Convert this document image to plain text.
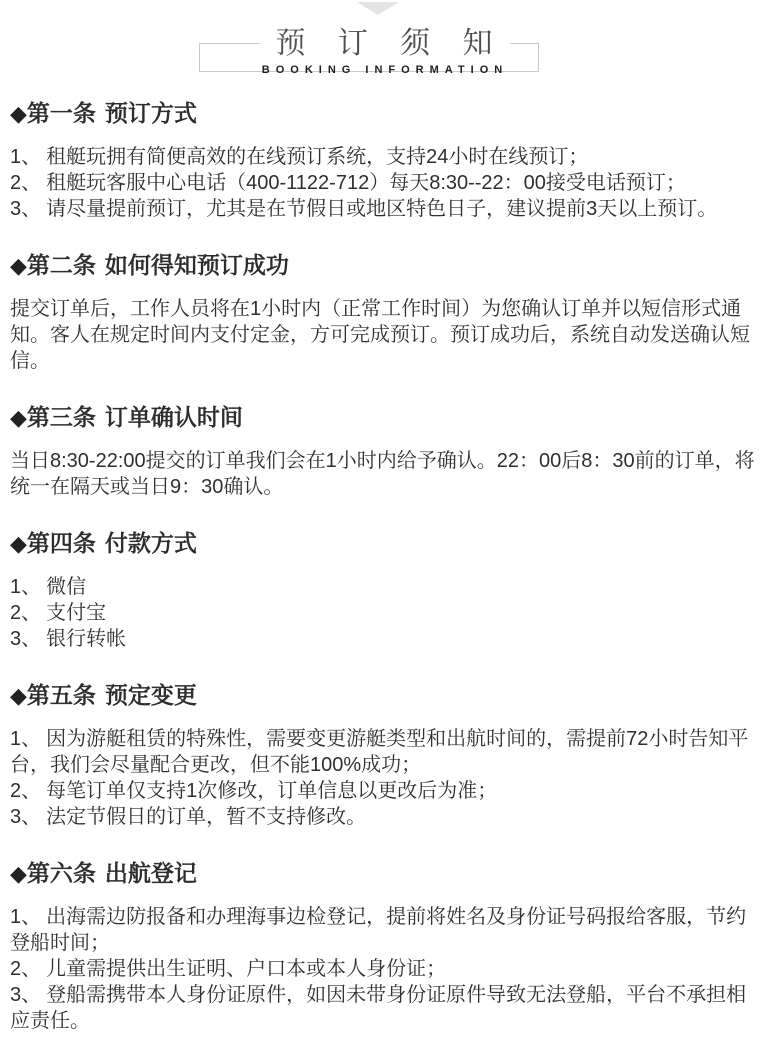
预 订 须 知
BOOKING INFORMATION
◆第一条 预订方式
1、 租艇玩拥有简便高效的在线预订系统，支持24小时在线预订；
2、 租艇玩客服中心电话（400-1122-712）每天8:30--22：00接受电话预订；
3、 请尽量提前预订，尤其是在节假日或地区特色日子，建议提前3天以上预订。
◆第二条 如何得知预订成功

提交订单后，工作人员将在1小时内（正常工作时间）为您确认订单并以短信形式通知。客人在规定时间内支付定金，方可完成预订。预订成功后，系统自动发送确认短信。

◆第三条 订单确认时间

当日8:30-22:00提交的订单我们会在1小时内给予确认。22：00后8：30前的订单，将统一在隔天或当日9：30确认。

◆第四条 付款方式
1、 微信
2、 支付宝
3、 银行转帐
◆第五条 预定变更
1、 因为游艇租赁的特殊性，需要变更游艇类型和出航时间的，需提前72小时告知平台，我们会尽量配合更改，但不能100%成功；
2、 每笔订单仅支持1次修改，订单信息以更改后为准；
3、 法定节假日的订单，暂不支持修改。
◆第六条 出航登记
1、 出海需边防报备和办理海事边检登记，提前将姓名及身份证号码报给客服，节约登船时间；
2、 儿童需提供出生证明、户口本或本人身份证；
3、 登船需携带本人身份证原件，如因未带身份证原件导致无法登船，平台不承担相应责任。
